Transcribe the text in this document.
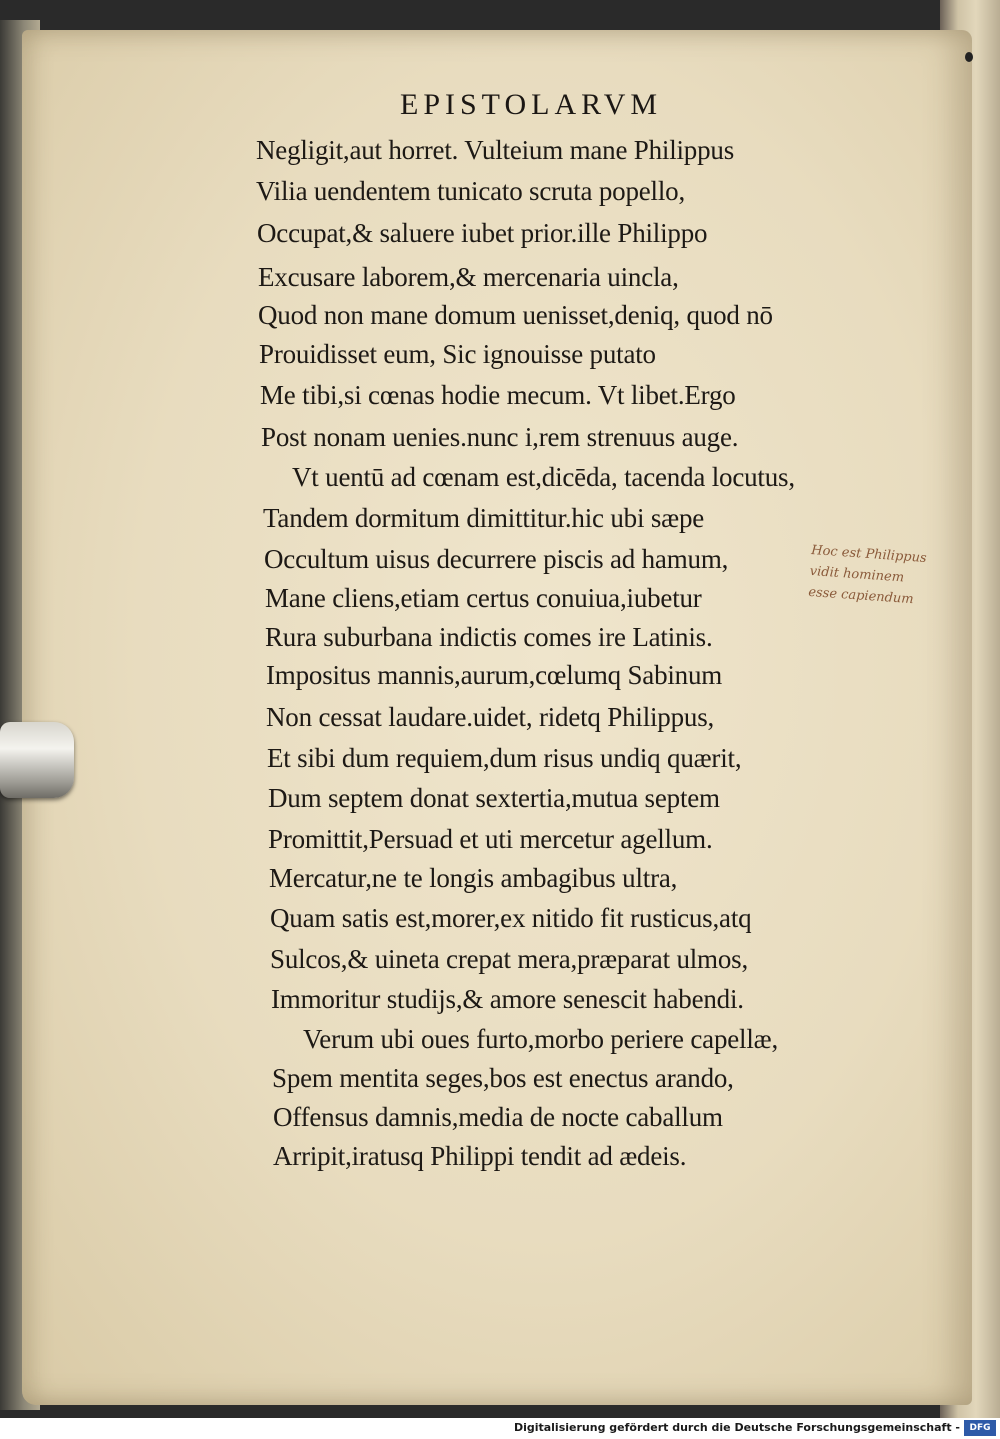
EPISTOLARVM
Negligit,aut horret. Vulteium mane Philippus
Vilia uendentem tunicato scruta popello,
Occupat,& saluere iubet prior.ille Philippo
Excusare laborem,& mercenaria uincla,
Quod non mane domum uenisset,deniq, quod nō
Prouidisset eum, Sic ignouisse putato
Me tibi,si cœnas hodie mecum. Vt libet.Ergo
Post nonam uenies.nunc i,rem strenuus auge.
Vt uentū ad cœnam est,dicēda, tacenda locutus,
Tandem dormitum dimittitur.hic ubi sæpe
Occultum uisus decurrere piscis ad hamum,
Mane cliens,etiam certus conuiua,iubetur
Rura suburbana indictis comes ire Latinis.
Impositus mannis,aurum,cœlumq Sabinum
Non cessat laudare.uidet, ridetq Philippus,
Et sibi dum requiem,dum risus undiq quærit,
Dum septem donat sextertia,mutua septem
Promittit,Persuad et uti mercetur agellum.
Mercatur,ne te longis ambagibus ultra,
Quam satis est,morer,ex nitido fit rusticus,atq
Sulcos,& uineta crepat mera,præparat ulmos,
Immoritur studijs,& amore senescit habendi.
Verum ubi oues furto,morbo periere capellæ,
Spem mentita seges,bos est enectus arando,
Offensus damnis,media de nocte caballum
Arripit,iratusq Philippi tendit ad ædeis.
Hoc est Philippus
vidit hominem
esse capiendum
Digitalisierung gefördert durch die Deutsche Forschungsgemeinschaft -	DFG
